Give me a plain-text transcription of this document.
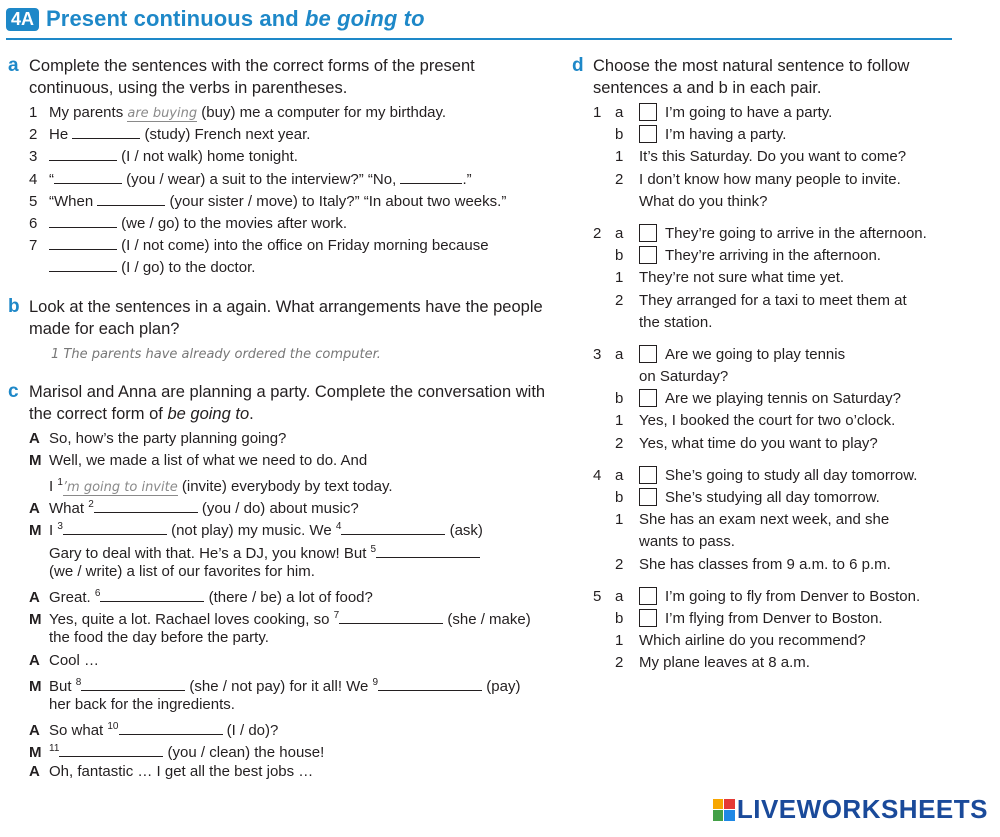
4A Present continuous and be going to
a Complete the sentences with the correct forms of the present continuous, using the verbs in parentheses.
1 My parents are buying (buy) me a computer for my birthday.
2 He	(study) French next year.
3	(I / not walk) home tonight.
4 “	(you / wear) a suit to the interview?” “No,	.”
5 “When	(your sister / move) to Italy?” “In about two weeks.”
6	(we / go) to the movies after work.
7	(I / not come) into the office on Friday morning because
(I / go) to the doctor.
b Look at the sentences in a again. What arrangements have the people made for each plan?
1 The parents have already ordered the computer.
c Marisol and Anna are planning a party. Complete the conversation with the correct form of be going to.
A So, how’s the party planning going?
M Well, we made a list of what we need to do. And
I $^1$’m going to invite (invite) everybody by text today.
A What $^2$	(you / do) about music?
M I $^3$	(not play) my music. We $^4$	(ask)
Gary to deal with that. He’s a DJ, you know! But $^5$
(we / write) a list of our favorites for him.
A Great. $^6$	(there / be) a lot of food?
M Yes, quite a lot. Rachael loves cooking, so $^7$	(she / make)
the food the day before the party.
A Cool …
M But $^8$	(she / not pay) for it all! We $^9$	(pay)
her back for the ingredients.
A So what $^{10}$	(I / do)?
M $^{11}$	(you / clean) the house!
A Oh, fantastic … I get all the best jobs …
d Choose the most natural sentence to follow sentences a and b in each pair.
1 a	I’m going to have a party.
b	I’m having a party.
1 It’s this Saturday. Do you want to come?
2 I don’t know how many people to invite.
What do you think?
2 a	They’re going to arrive in the afternoon.
b	They’re arriving in the afternoon.
1 They’re not sure what time yet.
2 They arranged for a taxi to meet them at
the station.
3 a	Are we going to play tennis
on Saturday?
b	Are we playing tennis on Saturday?
1 Yes, I booked the court for two o’clock.
2 Yes, what time do you want to play?
4 a	She’s going to study all day tomorrow.
b	She’s studying all day tomorrow.
1 She has an exam next week, and she
wants to pass.
2 She has classes from 9 a.m. to 6 p.m.
5 a	I’m going to fly from Denver to Boston.
b	I’m flying from Denver to Boston.
1 Which airline do you recommend?
2 My plane leaves at 8 a.m.
LIVEWORKSHEETS
